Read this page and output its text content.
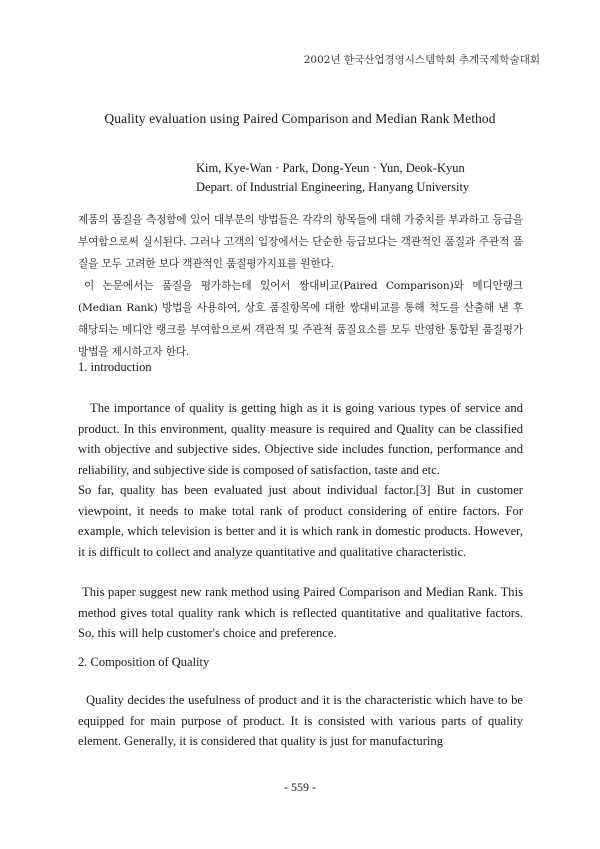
2002년 한국산업경영시스템학회 추계국제학술대회
Quality evaluation using Paired Comparison and Median Rank Method
Kim, Kye-Wan · Park, Dong-Yeun · Yun, Deok-Kyun
Depart. of Industrial Engineering, Hanyang University

제품의 품질을 측정함에 있어 대부분의 방법들은 각각의 항목들에 대해 가중치를 부과하고 등급을 부여함으로써 실시된다. 그러나 고객의 입장에서는 단순한 등급보다는 객관적인 품질과 주관적 품질을 모두 고려한 보다 객관적인 품질평가지표를 원한다.

이 논문에서는 품질을 평가하는데 있어서 쌍대비교(Paired Comparison)와 메디안랭크(Median Rank) 방법을 사용하여, 상호 품질항목에 대한 쌍대비교를 통해 척도를 산출해 낸 후 해당되는 메디안 랭크를 부여함으로써 객관적 및 주관적 품질요소를 모두 반영한 통합된 품질평가 방법을 제시하고자 한다.

1. introduction

The importance of quality is getting high as it is going various types of service and product. In this environment, quality measure is required and Quality can be classified with objective and subjective sides. Objective side includes function, performance and reliability, and subjective side is composed of satisfaction, taste and etc.

So far, quality has been evaluated just about individual factor.[3] But in customer viewpoint, it needs to make total rank of product considering of entire factors. For example, which television is better and it is which rank in domestic products. However, it is difficult to collect and analyze quantitative and qualitative characteristic.

This paper suggest new rank method using Paired Comparison and Median Rank. This method gives total quality rank which is reflected quantitative and qualitative factors. So, this will help customer's choice and preference.

2. Composition of Quality

Quality decides the usefulness of product and it is the characteristic which have to be equipped for main purpose of product. It is consisted with various parts of quality element. Generally, it is considered that quality is just for manufacturing

- 559 -
